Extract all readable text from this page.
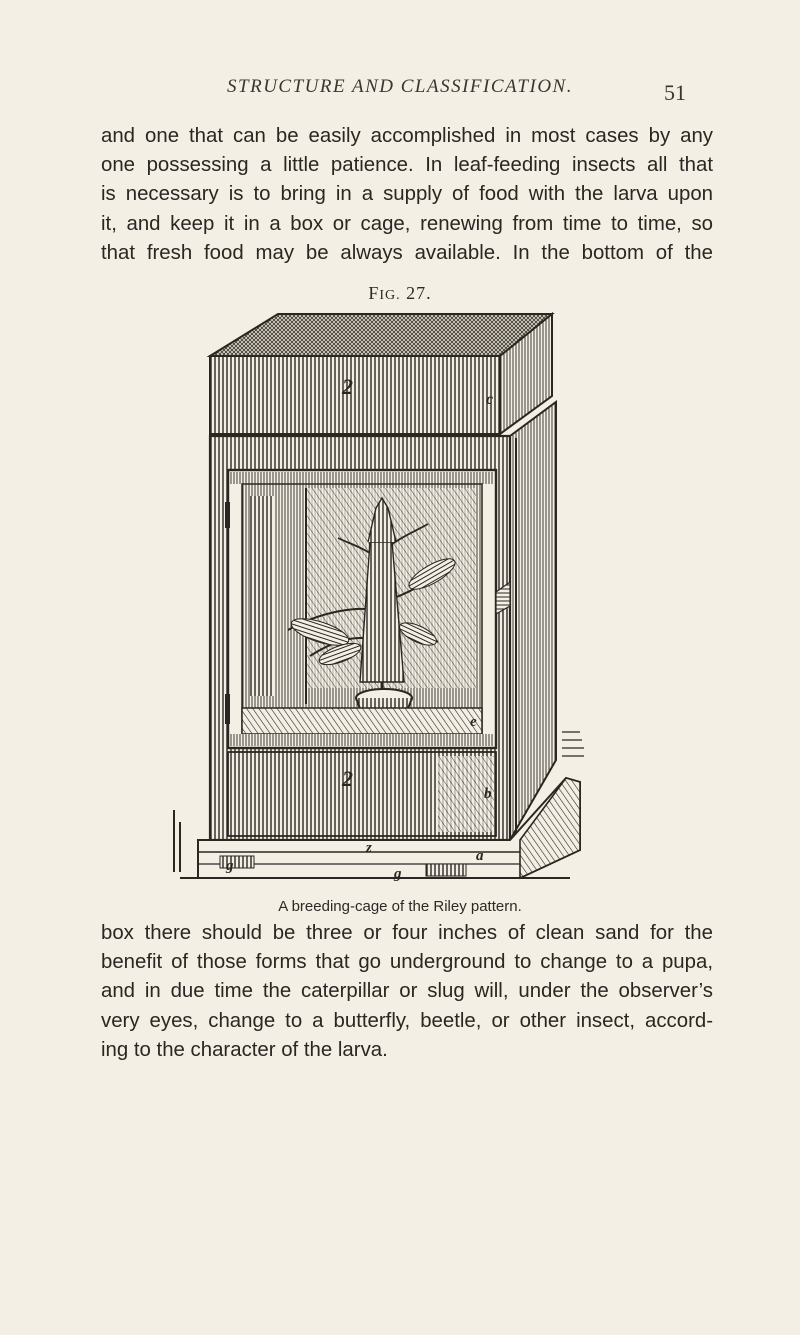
STRUCTURE AND CLASSIFICATION.	51
and one that can be easily accomplished in most cases by any
one possessing a little patience. In leaf-feeding insects all that
is necessary is to bring in a supply of food with the larva upon
it, and keep it in a box or cage, renewing from time to time, so
that fresh food may be always available. In the bottom of the
FIG. 27.
2
c
2
b
e
z	a
g	g
A breeding-cage of the Riley pattern.
box there should be three or four inches of clean sand for the
benefit of those forms that go underground to change to a pupa,
and in due time the caterpillar or slug will, under the observer’s
very eyes, change to a butterfly, beetle, or other insect, accord-
ing to the character of the larva.
